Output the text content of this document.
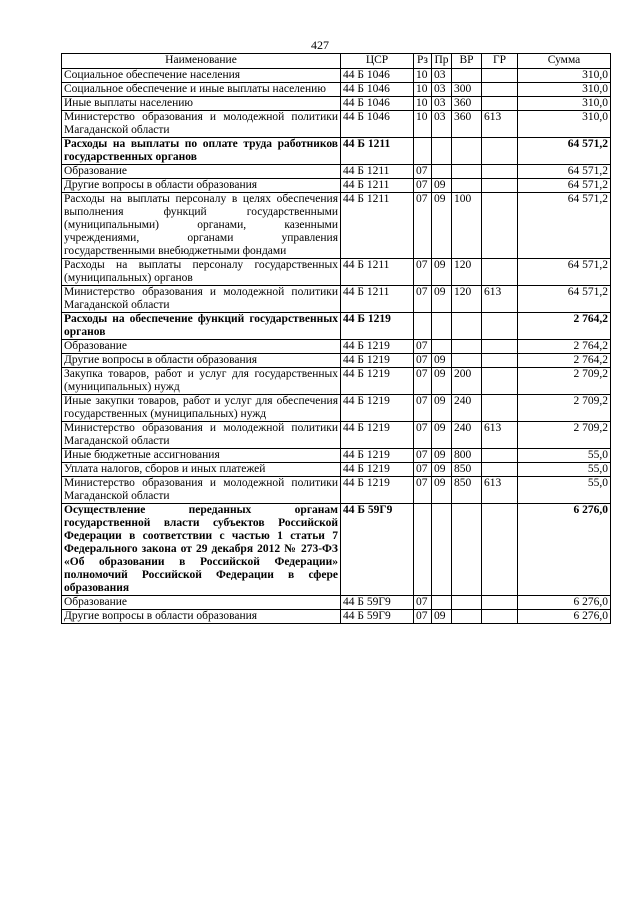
427
Наименование	ЦСР	Рз	Пр	ВР	ГР	Сумма
Социальное обеспечение населения	44 Б 1046	10	03			310,0
Социальное обеспечение и иные выплаты населению	44 Б 1046	10	03	300		310,0
Иные выплаты населению	44 Б 1046	10	03	360		310,0
Министерство образования и молодежной политики Магаданской области	44 Б 1046	10	03	360	613	310,0
Расходы на выплаты по оплате труда работников государственных органов	44 Б 1211					64 571,2
Образование	44 Б 1211	07				64 571,2
Другие вопросы в области образования	44 Б 1211	07	09			64 571,2
Расходы на выплаты персоналу в целях обеспечения выполнения функций государственными (муниципальными) органами, казенными учреждениями, органами управления государственными внебюджетными фондами	44 Б 1211	07	09	100		64 571,2
Расходы на выплаты персоналу государственных (муниципальных) органов	44 Б 1211	07	09	120		64 571,2
Министерство образования и молодежной политики Магаданской области	44 Б 1211	07	09	120	613	64 571,2
Расходы на обеспечение функций государственных органов	44 Б 1219					2 764,2
Образование	44 Б 1219	07				2 764,2
Другие вопросы в области образования	44 Б 1219	07	09			2 764,2
Закупка товаров, работ и услуг для государственных (муниципальных) нужд	44 Б 1219	07	09	200		2 709,2
Иные закупки товаров, работ и услуг для обеспечения государственных (муниципальных) нужд	44 Б 1219	07	09	240		2 709,2
Министерство образования и молодежной политики Магаданской области	44 Б 1219	07	09	240	613	2 709,2
Иные бюджетные ассигнования	44 Б 1219	07	09	800		55,0
Уплата налогов, сборов и иных платежей	44 Б 1219	07	09	850		55,0
Министерство образования и молодежной политики Магаданской области	44 Б 1219	07	09	850	613	55,0
Осуществление переданных органам государственной власти субъектов Российской Федерации в соответствии с частью 1 статьи 7 Федерального закона от 29 декабря 2012 № 273-ФЗ «Об образовании в Российской Федерации» полномочий Российской Федерации в сфере образования	44 Б 59Г9					6 276,0
Образование	44 Б 59Г9	07				6 276,0
Другие вопросы в области образования	44 Б 59Г9	07	09			6 276,0
